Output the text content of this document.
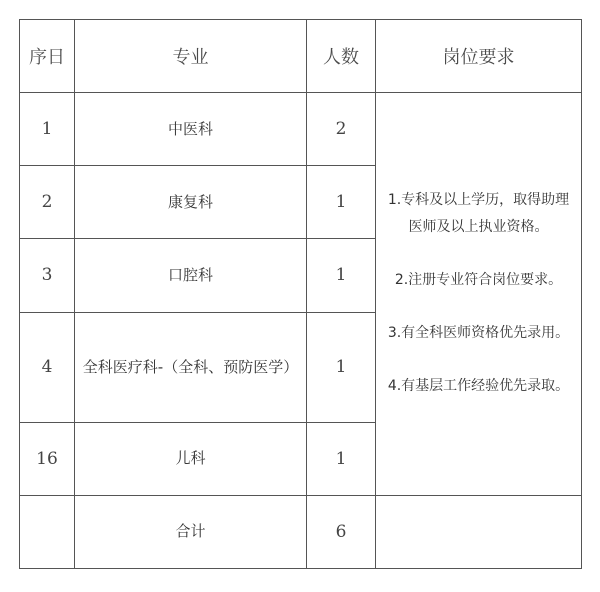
序日	专业	人数	岗位要求
1	中医科	2	1.专科及以上学历，取得助理医师及以上执业资格。

2.注册专业符合岗位要求。

3.有全科医师资格优先录用。

4.有基层工作经验优先录取。

2	康复科	1	
3	口腔科	1	
4	全科医疗科-（全科、预防医学）	1	
16	儿科	1	
	合计	6	
